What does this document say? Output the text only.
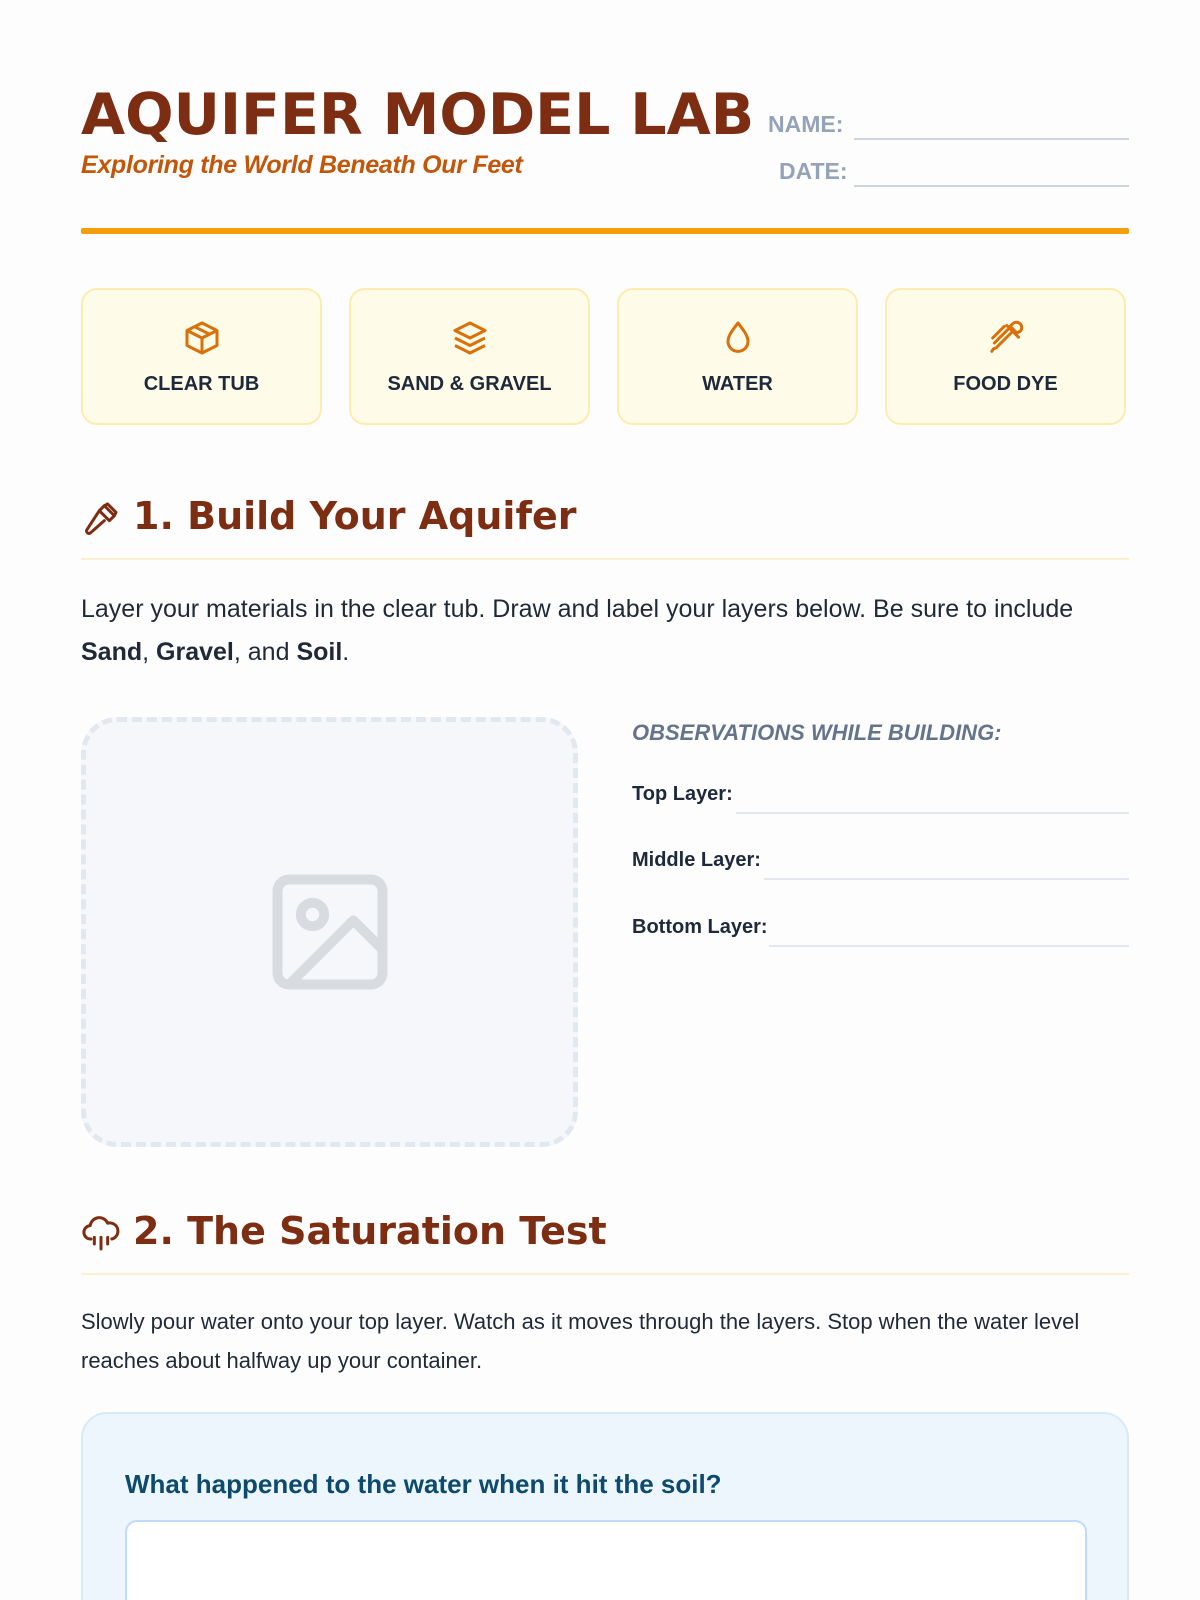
AQUIFER MODEL LAB
Exploring the World Beneath Our Feet
NAME:
DATE:
CLEAR TUB	SAND & GRAVEL	WATER	FOOD DYE
1. Build Your Aquifer
Layer your materials in the clear tub. Draw and label your layers below. Be sure to include Sand, Gravel, and Soil.
OBSERVATIONS WHILE BUILDING:
Top Layer:
Middle Layer:
Bottom Layer:
2. The Saturation Test
Slowly pour water onto your top layer. Watch as it moves through the layers. Stop when the water level reaches about halfway up your container.
What happened to the water when it hit the soil?
